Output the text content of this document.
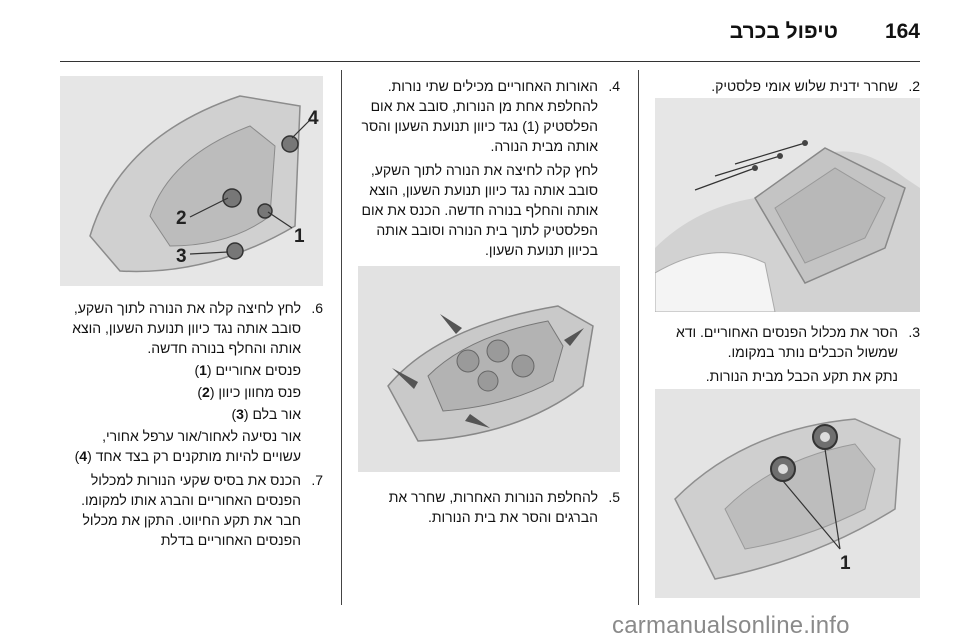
164
טיפול בכרב
2.
שחרר ידנית שלוש אומי פלסטיק.
3.
הסר את מכלול הפנסים האחוריים. ודא שמשול הכבלים נותר במקומו.
נתק את תקע הכבל מבית הנורות.
1
4.
האורות האחוריים מכילים שתי נורות. להחלפת אחת מן הנורות, סובב את אום הפלסטיק (1) נגד כיוון תנועת השעון והסר אותה מבית הנורה.
לחץ קלה לחיצה את הנורה לתוך השקע, סובב אותה נגד כיוון תנועת השעון, הוצא אותה והחלף בנורה חדשה. הכנס את אום הפלסטיק לתוך בית הנורה וסובב אותה בכיוון תנועת השעון.
5.
להחלפת הנורות האחרות, שחרר את הברגים והסר את בית הנורות.
4
2
1
3
6.
לחץ לחיצה קלה את הנורה לתוך השקע, סובב אותה נגד כיוון תנועת השעון, הוצא אותה והחלף בנורה חדשה.
פנסים אחוריים (1)
פנס מחוון כיוון (2)
אור בלם (3)
אור נסיעה לאחור/אור ערפל אחורי, עשויים להיות מותקנים רק בצד אחד (4)
7.
הכנס את בסיס שקעי הנורות למכלול הפנסים האחוריים והברג אותו למקומו. חבר את תקע החיווט. התקן את מכלול הפנסים האחוריים בדלת
carmanualsonline.info
